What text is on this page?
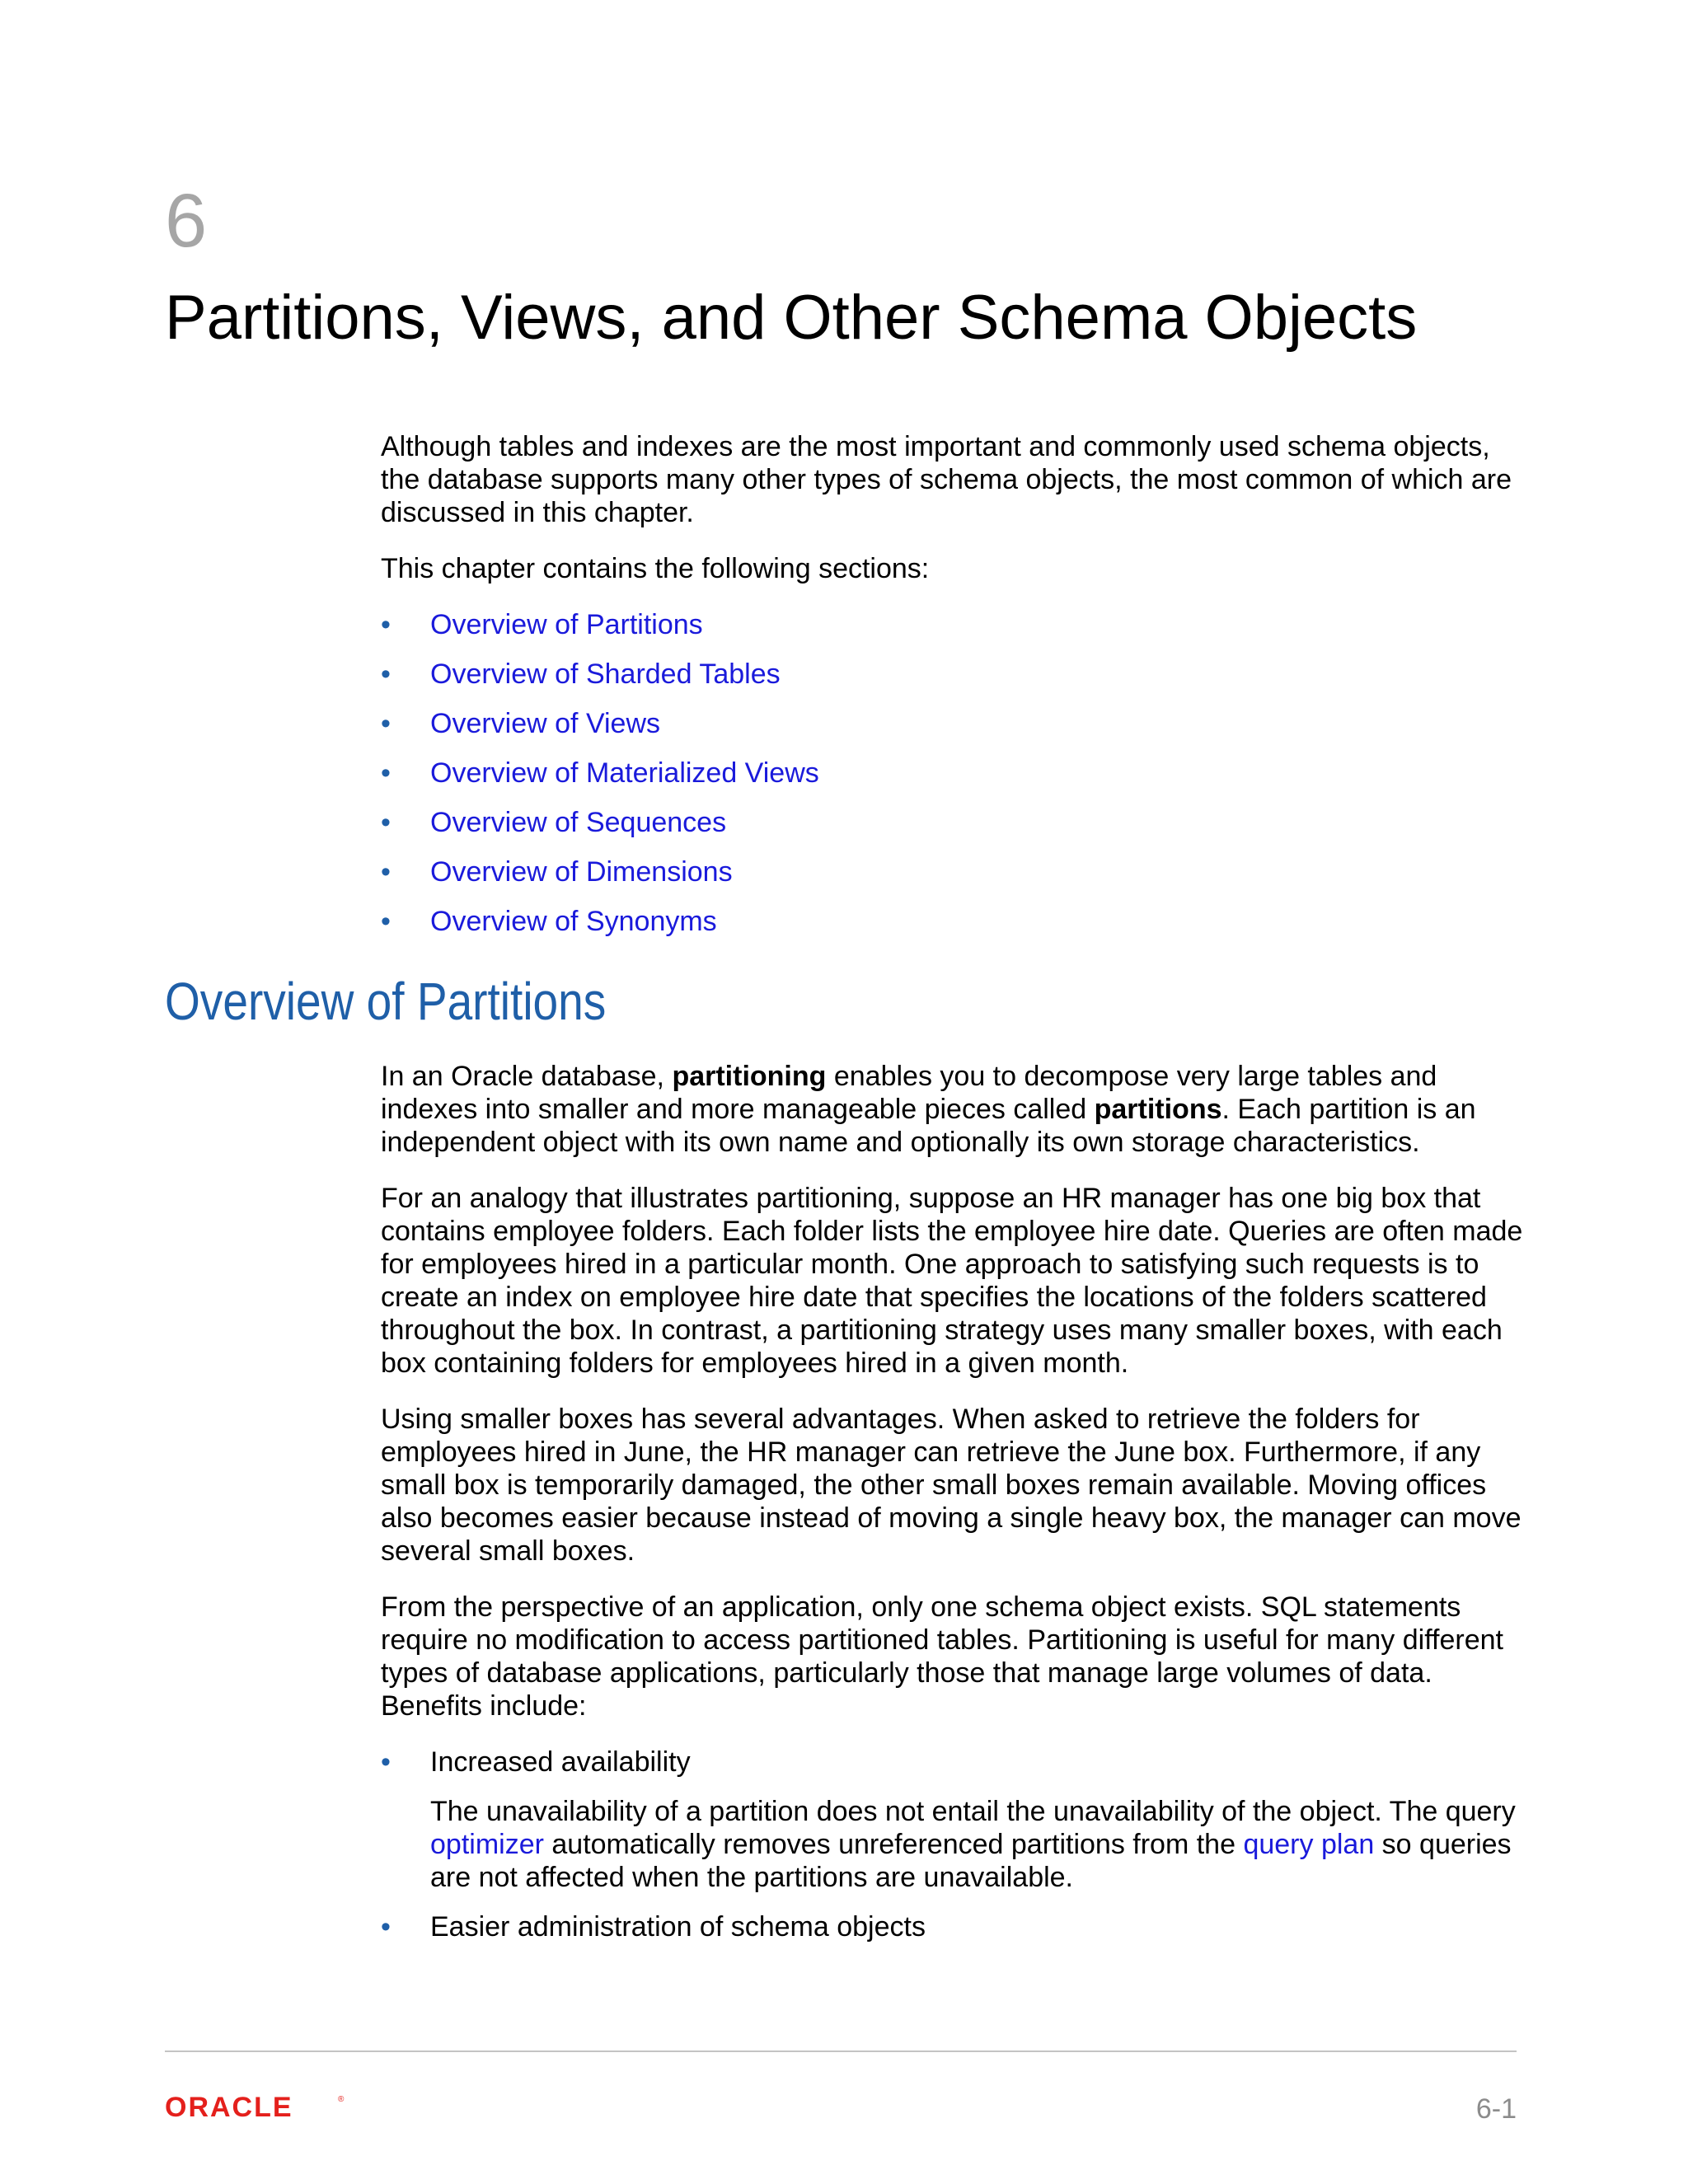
6
Partitions, Views, and Other Schema Objects

Although tables and indexes are the most important and commonly used schema objects, the database supports many other types of schema objects, the most common of which are discussed in this chapter.

This chapter contains the following sections:

• Overview of Partitions
• Overview of Sharded Tables
• Overview of Views
• Overview of Materialized Views
• Overview of Sequences
• Overview of Dimensions
• Overview of Synonyms
Overview of Partitions

In an Oracle database, partitioning enables you to decompose very large tables and indexes into smaller and more manageable pieces called partitions. Each partition is an independent object with its own name and optionally its own storage characteristics.

For an analogy that illustrates partitioning, suppose an HR manager has one big box that contains employee folders. Each folder lists the employee hire date. Queries are often made for employees hired in a particular month. One approach to satisfying such requests is to create an index on employee hire date that specifies the locations of the folders scattered throughout the box. In contrast, a partitioning strategy uses many smaller boxes, with each box containing folders for employees hired in a given month.

Using smaller boxes has several advantages. When asked to retrieve the folders for employees hired in June, the HR manager can retrieve the June box. Furthermore, if any small box is temporarily damaged, the other small boxes remain available. Moving offices also becomes easier because instead of moving a single heavy box, the manager can move several small boxes.

From the perspective of an application, only one schema object exists. SQL statements require no modification to access partitioned tables. Partitioning is useful for many different types of database applications, particularly those that manage large volumes of data. Benefits include:

• Increased availability

The unavailability of a partition does not entail the unavailability of the object. The query optimizer automatically removes unreferenced partitions from the query plan so queries are not affected when the partitions are unavailable.

• Easier administration of schema objects
ORACLE	®	6-1
